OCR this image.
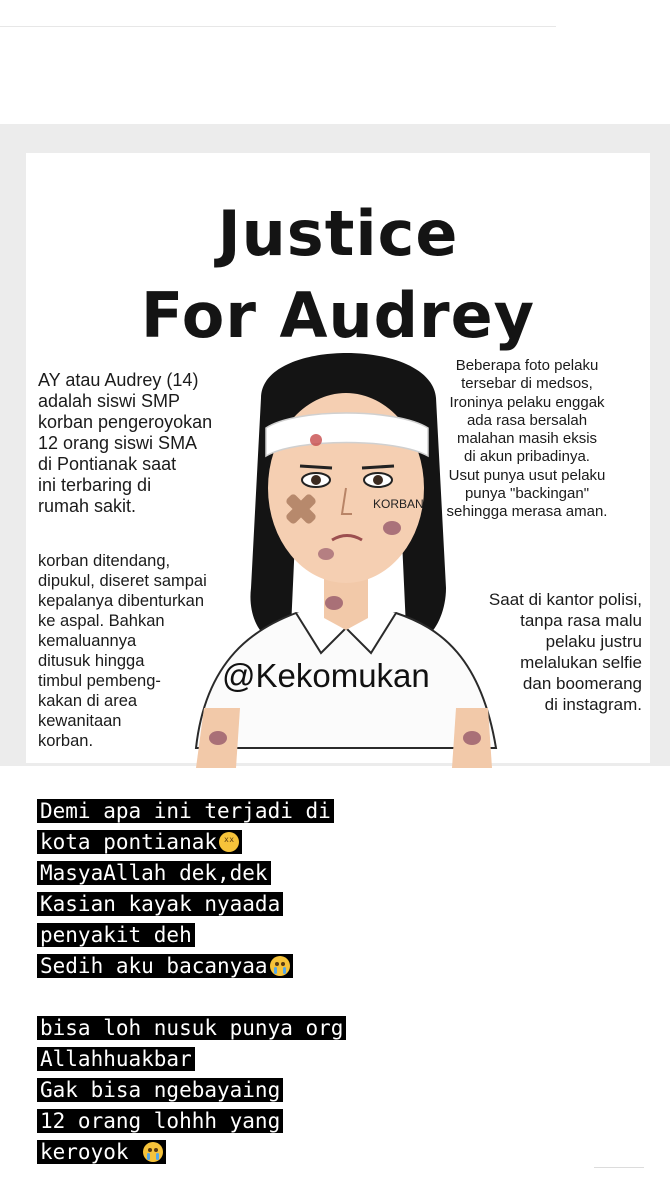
Justice
For Audrey
AY atau Audrey (14)
adalah siswi SMP
korban pengeroyokan
12 orang siswi SMA
di Pontianak saat
ini terbaring di
rumah sakit.
korban ditendang,
dipukul, diseret sampai
kepalanya dibenturkan
ke aspal. Bahkan
kemaluannya
ditusuk hingga
timbul pembeng-
kakan di area
kewanitaan
korban.
Beberapa foto pelaku
tersebar di medsos,
Ironinya pelaku enggak
ada rasa bersalah
malahan masih eksis
di akun pribadinya.
Usut punya usut pelaku
punya "backingan"
sehingga merasa aman.
Saat di kantor polisi,
tanpa rasa malu
pelaku justru
melalukan selfie
dan boomerang
di instagram.
KORBAN
@Kekomukan
Demi apa ini terjadi di
kota pontianakx x
MasyaAllah dek,dek
Kasian kayak nyaada
penyakit deh
Sedih aku bacanyaa
bisa loh nusuk punya org
Allahhuakbar
Gak bisa ngebayaing
12 orang lohhh yang
keroyok
